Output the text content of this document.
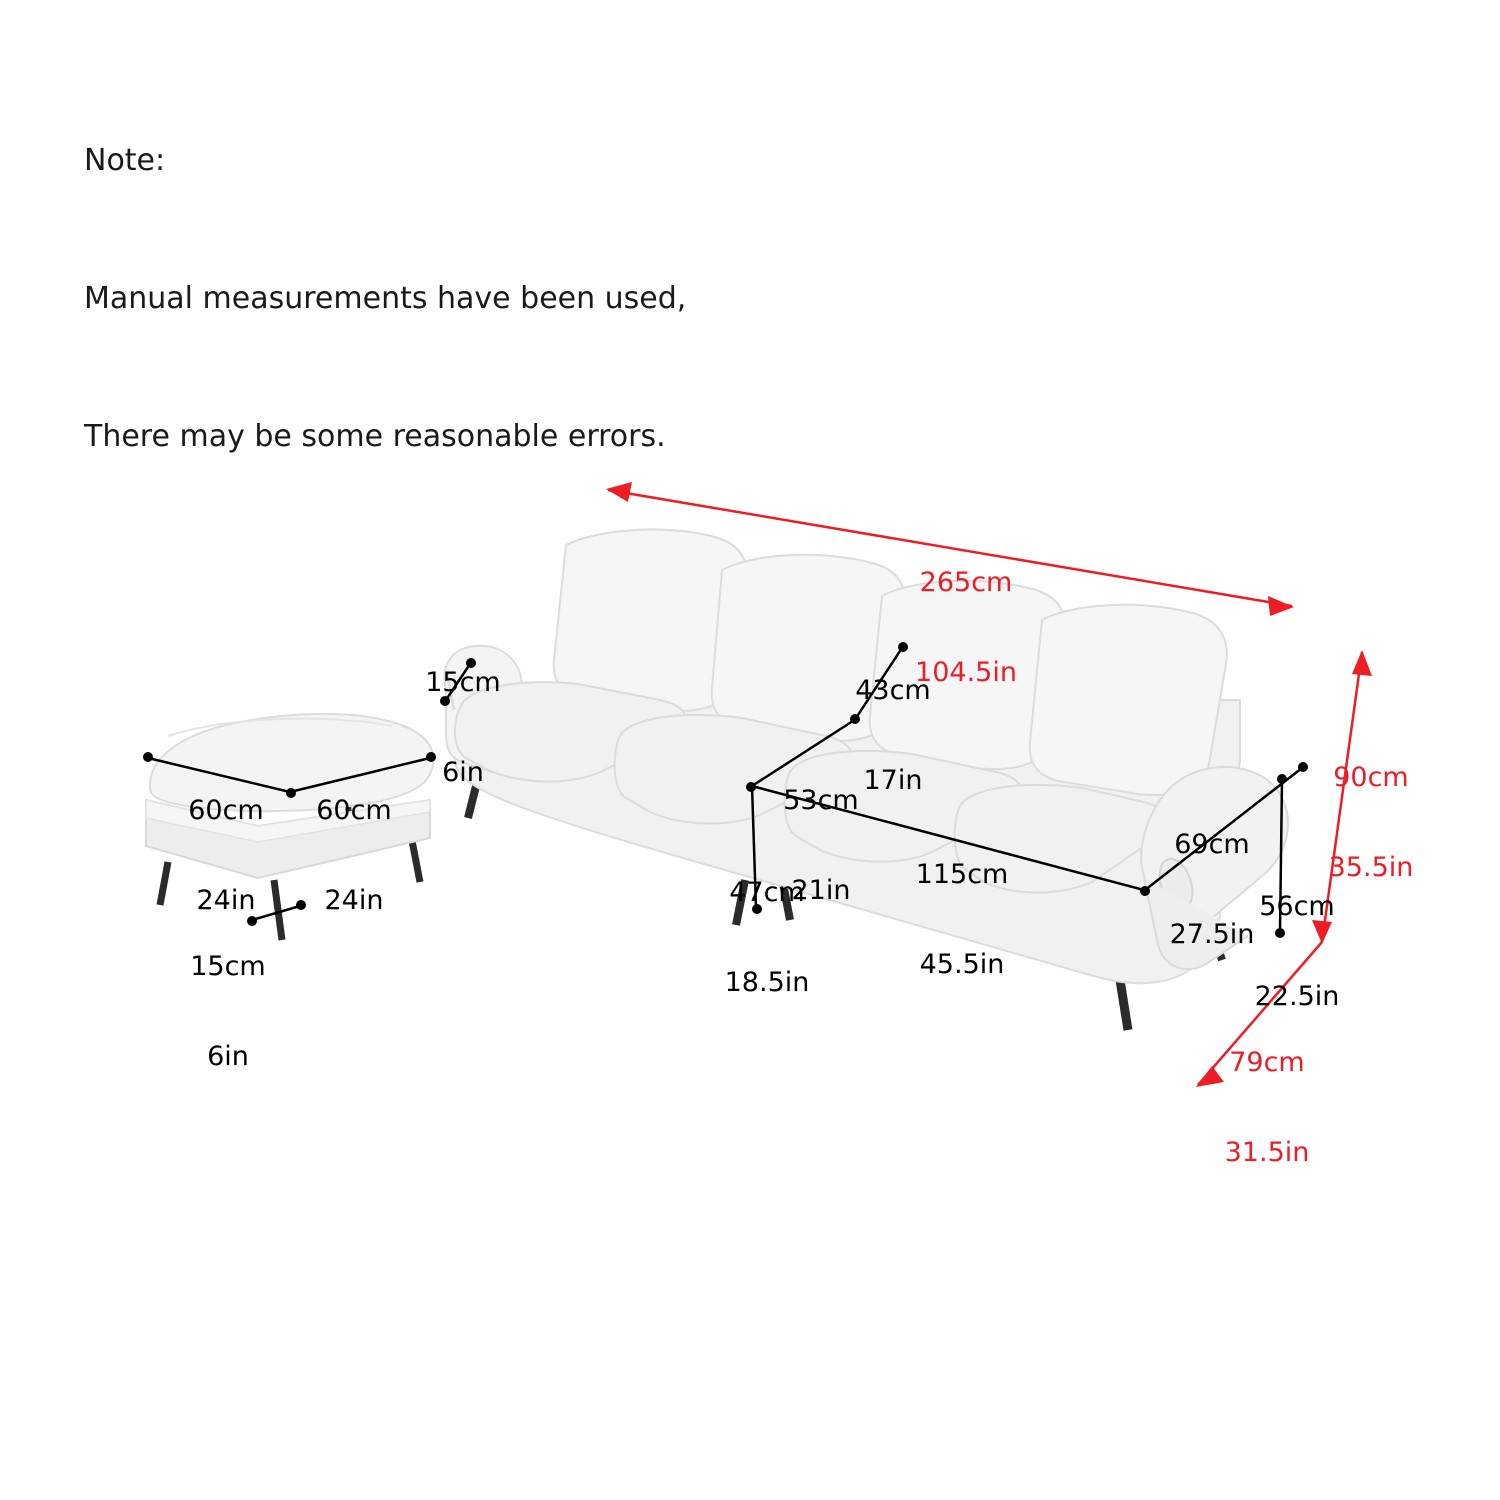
Note:

Manual measurements have been used,

There may be some reasonable errors.

265cm

104.5in

90cm

35.5in

79cm

31.5in

15cm

6in

43cm

17in

53cm

21in

47cm

18.5in

115cm

45.5in

69cm

27.5in

56cm

22.5in

60cm

24in

60cm

24in

15cm

6in
